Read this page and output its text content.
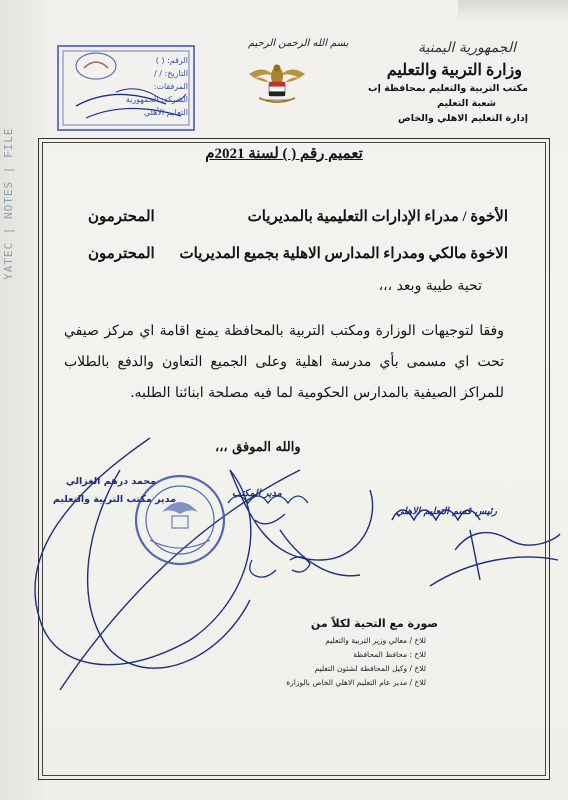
YATEC | NOTES | FILE
الجمهورية اليمنية
وزارة التربية والتعليم
مكتب التربية والتعليم بمحافظة إب
شعبة التعليم
إدارة التعليم الاهلي والخاص
بسم الله الرحمن الرحيم
الرقم: ( )
التاريخ: / /
المرفقات:
الشركة: الجمهورية
التعليم الأهلي
تعميم رقم ( ) لسنة 2021م
الأخوة / مدراء الإدارات التعليمية بالمديريات
المحترمون
الاخوة مالكي ومدراء المدارس الاهلية بجميع المديريات
المحترمون
تحية طيبة وبعد ،،،
وفقا لتوجيهات الوزارة ومكتب التربية بالمحافظة يمنع اقامة اي مركز صيفي تحت اي مسمى بأي مدرسة اهلية وعلى الجميع التعاون والدفع بالطلاب للمراكز الصيفية بالمدارس الحكومية لما فيه مصلحة ابنائنا الطلبه.
والله الموفق ،،،
محمد درهم الغزالي
مدير مكتب التربية والتعليم
مدير المكتب
رئيس قسم التعليم الاهلي
صورة مع التحية لكلاً من
للاخ / معالي وزير التربية والتعليم
للاخ : محافظ المحافظة
للاخ / وكيل المحافظة لشئون التعليم
للاخ / مدير عام التعليم الاهلي الخاص بالوزارة
